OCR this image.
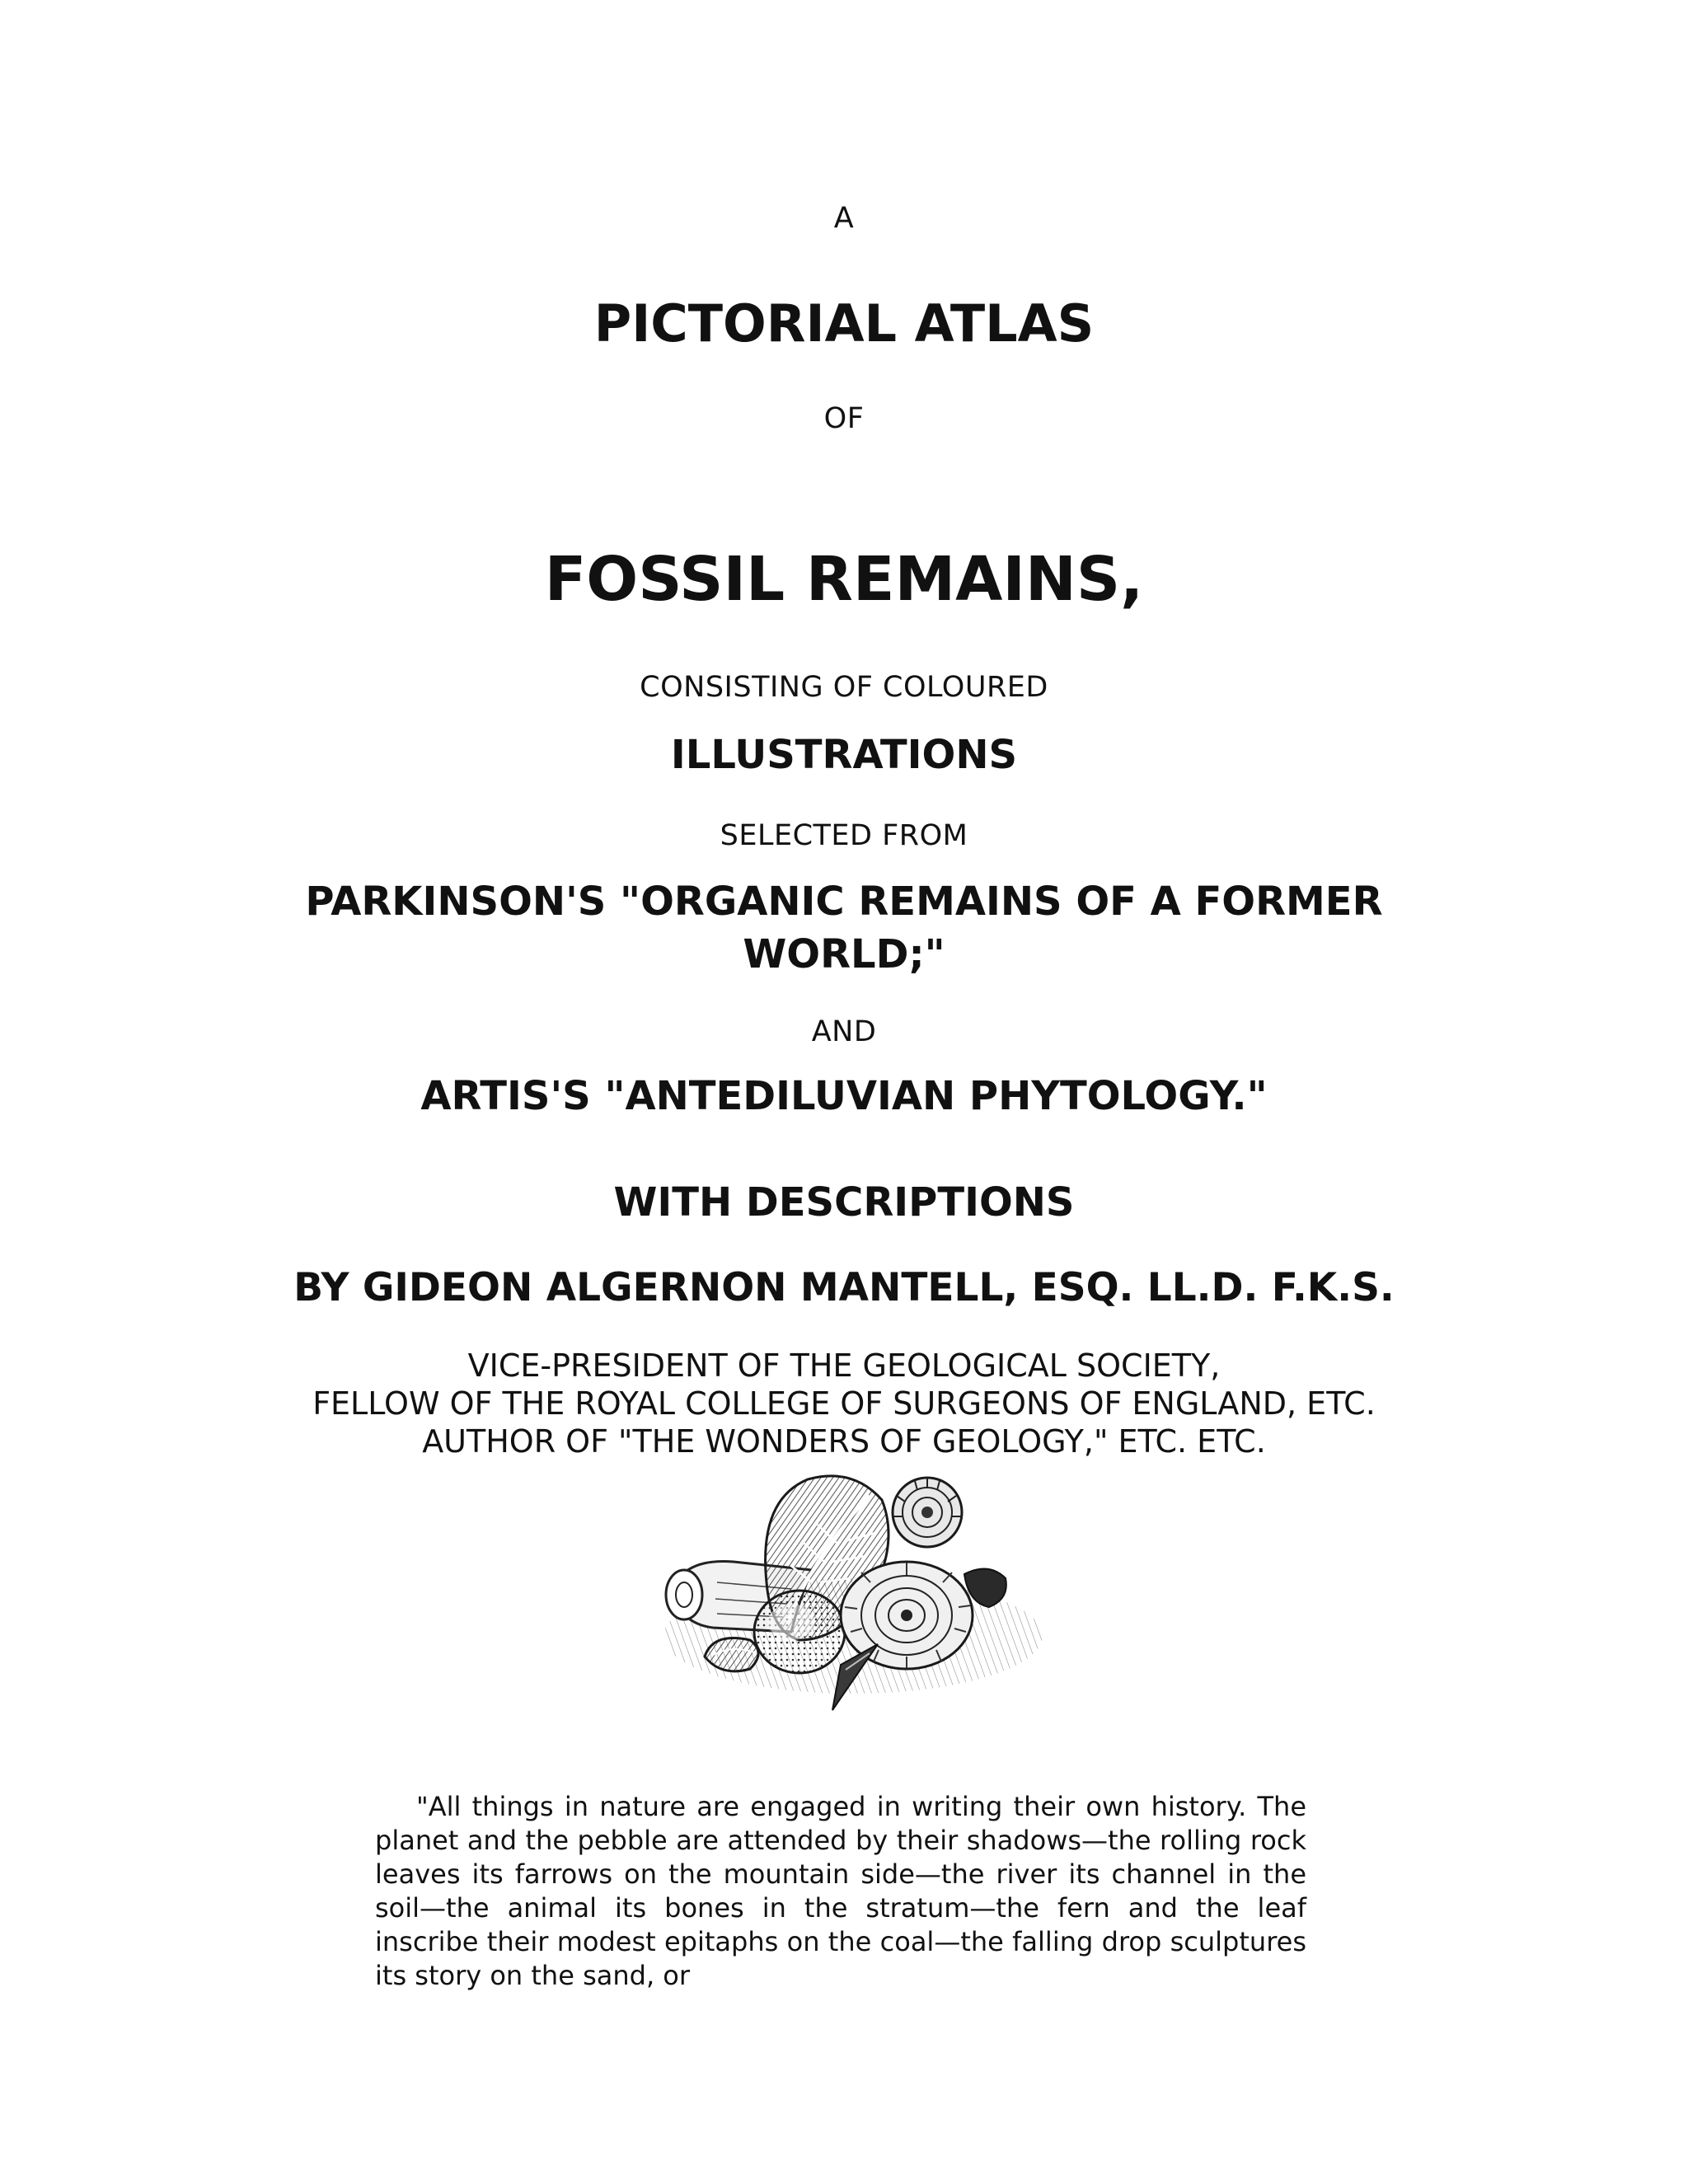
A
PICTORIAL ATLAS
OF
FOSSIL REMAINS,
CONSISTING OF COLOURED
ILLUSTRATIONS
SELECTED FROM
PARKINSON'S "ORGANIC REMAINS OF A FORMER
WORLD;"
AND
ARTIS'S "ANTEDILUVIAN PHYTOLOGY."
WITH DESCRIPTIONS
BY GIDEON ALGERNON MANTELL, ESQ. LL.D. F.K.S.
VICE-PRESIDENT OF THE GEOLOGICAL SOCIETY,
FELLOW OF THE ROYAL COLLEGE OF SURGEONS OF ENGLAND, ETC.
AUTHOR OF "THE WONDERS OF GEOLOGY," ETC. ETC.

"All things in nature are engaged in writing their own history. The planet and the pebble are attended by their shadows—the rolling rock leaves its farrows on the mountain side—the river its channel in the soil—the animal its bones in the stratum—the fern and the leaf inscribe their modest epitaphs on the coal—the falling drop sculptures its story on the sand, or
